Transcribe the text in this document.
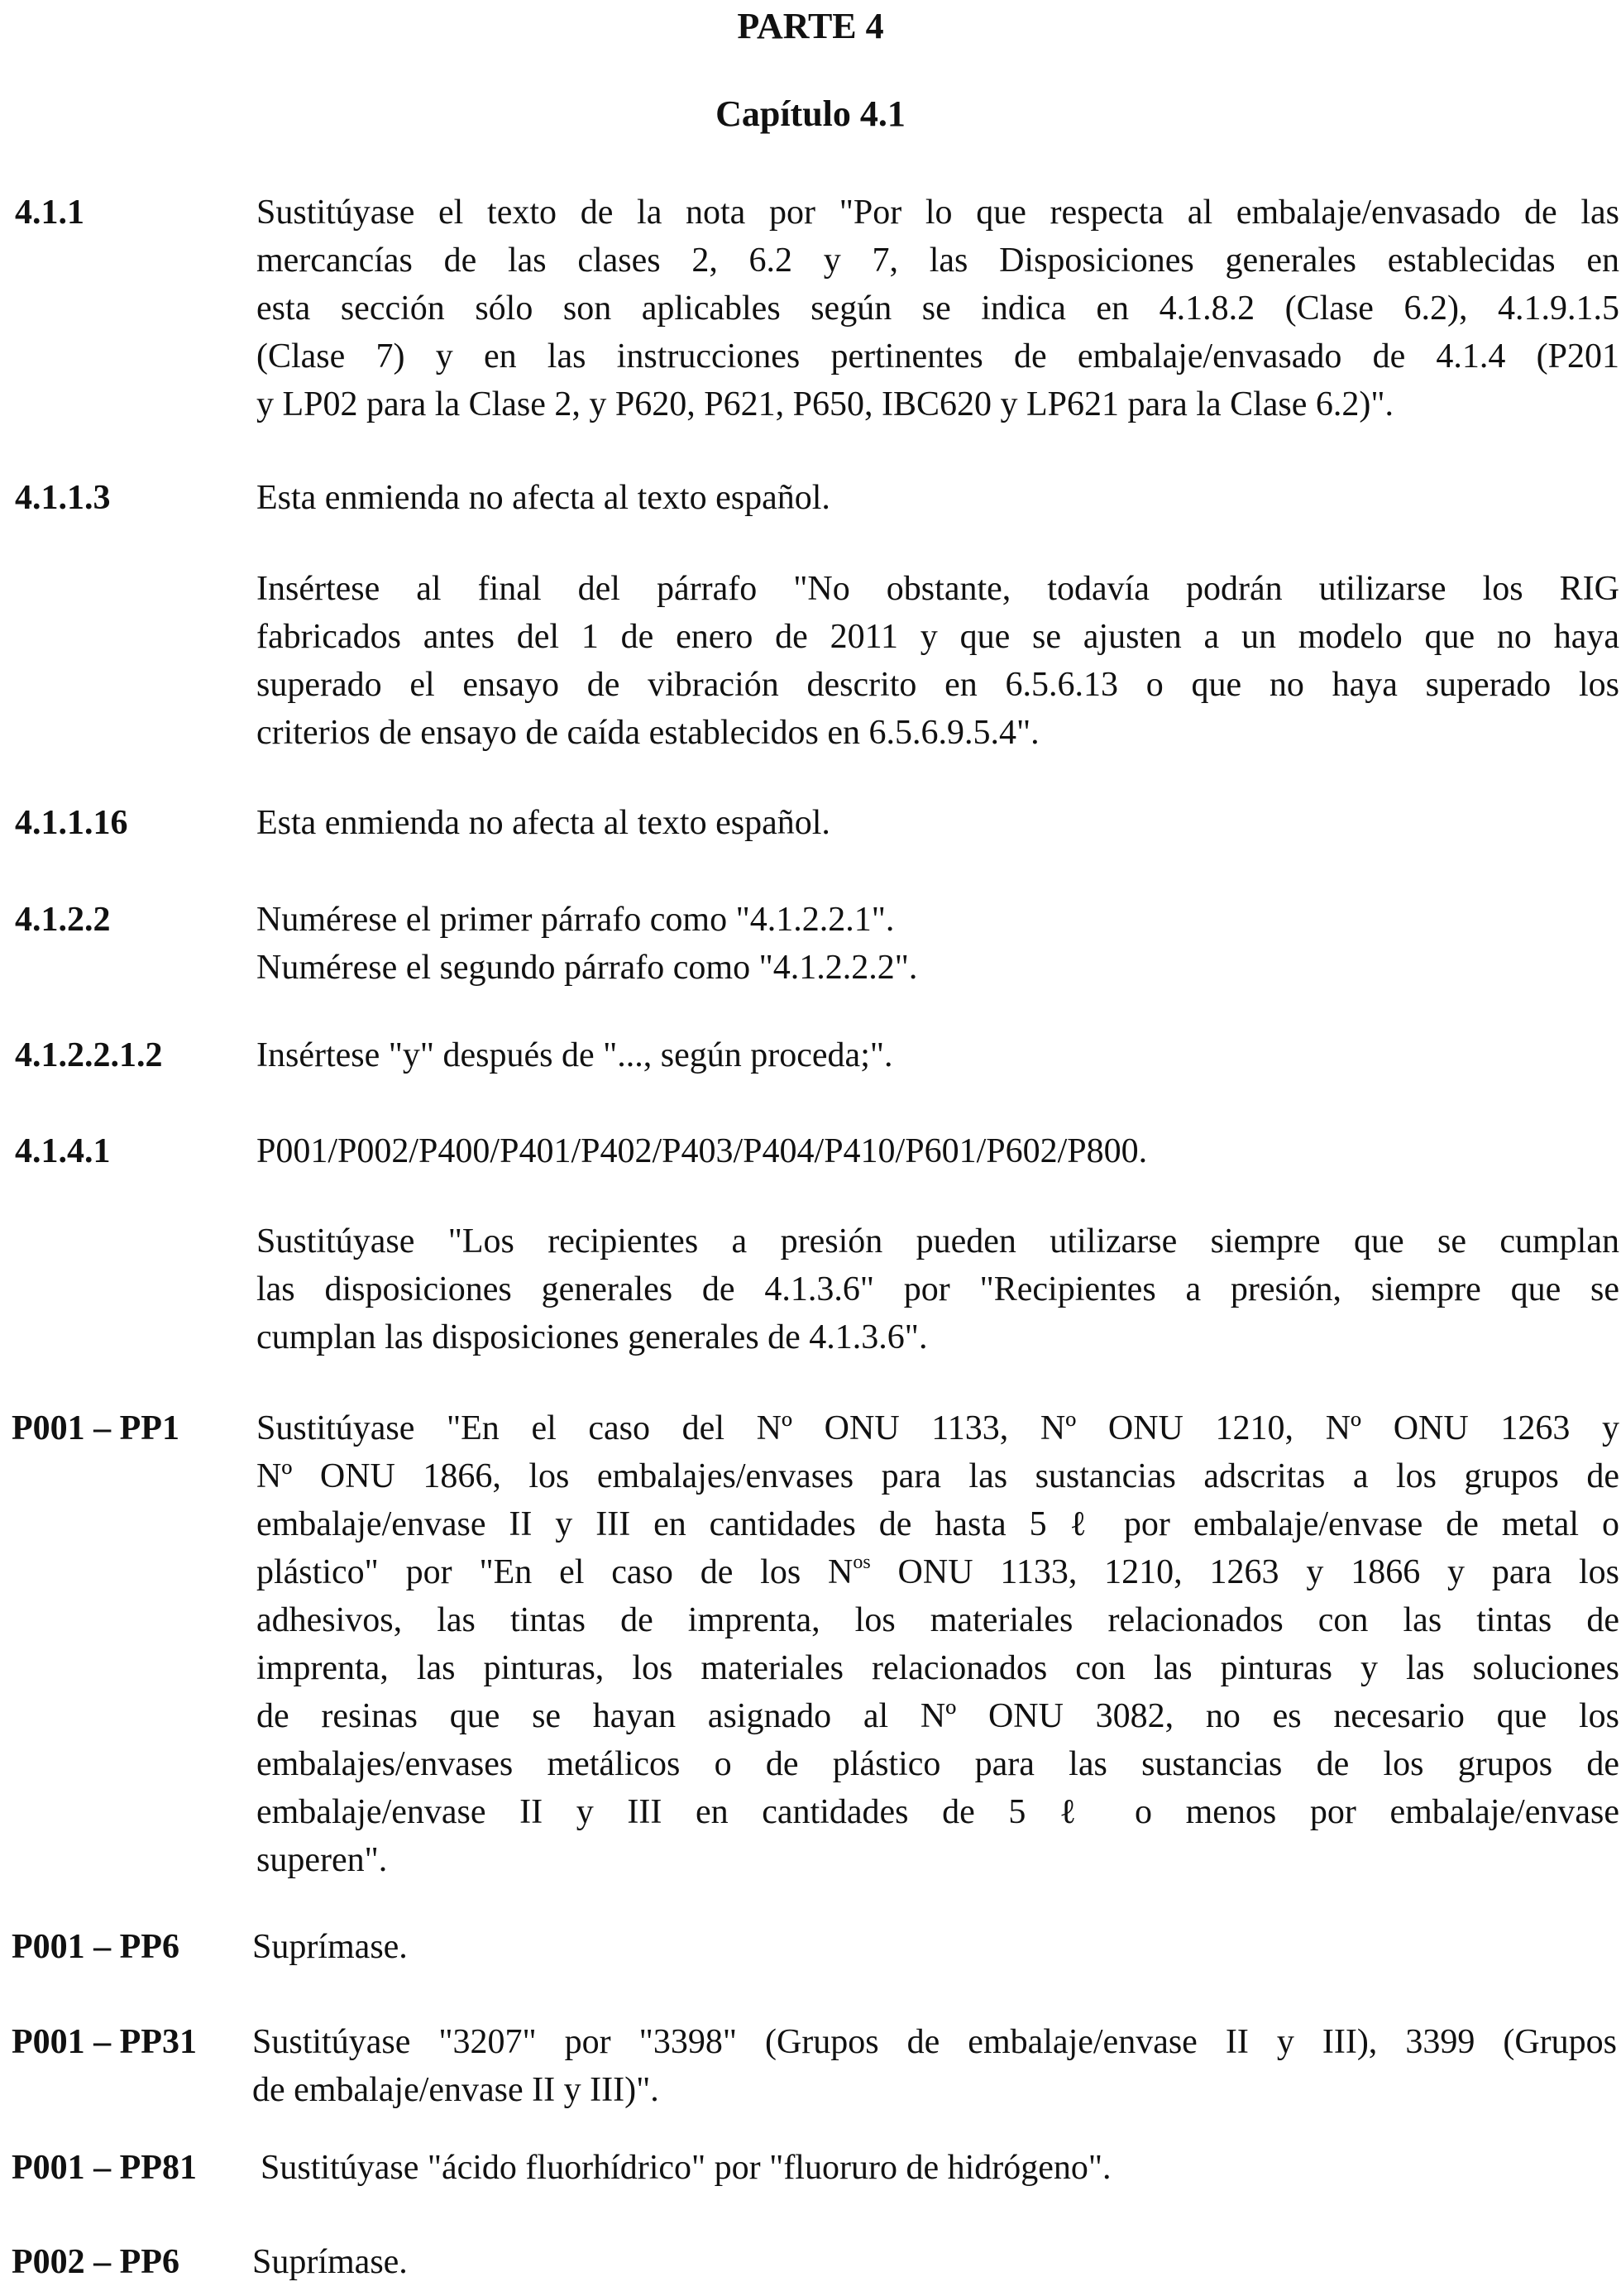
PARTE 4
Capítulo 4.1
4.1.1	Sustitúyase el texto de la nota por "Por lo que respecta al embalaje/envasado de las
mercancías de las clases 2, 6.2 y 7, las Disposiciones generales establecidas en
esta sección sólo son aplicables según se indica en 4.1.8.2 (Clase 6.2), 4.1.9.1.5
(Clase 7) y en las instrucciones pertinentes de embalaje/envasado de 4.1.4 (P201
y LP02 para la Clase 2, y P620, P621, P650, IBC620 y LP621 para la Clase 6.2)".
4.1.1.3	Esta enmienda no afecta al texto español.
Insértese al final del párrafo "No obstante, todavía podrán utilizarse los RIG
fabricados antes del 1 de enero de 2011 y que se ajusten a un modelo que no haya
superado el ensayo de vibración descrito en 6.5.6.13 o que no haya superado los
criterios de ensayo de caída establecidos en 6.5.6.9.5.4".
4.1.1.16	Esta enmienda no afecta al texto español.
4.1.2.2	Numérese el primer párrafo como "4.1.2.2.1".
Numérese el segundo párrafo como "4.1.2.2.2".
4.1.2.2.1.2	Insértese "y" después de "..., según proceda;".
4.1.4.1	P001/P002/P400/P401/P402/P403/P404/P410/P601/P602/P800.
Sustitúyase "Los recipientes a presión pueden utilizarse siempre que se cumplan
las disposiciones generales de 4.1.3.6" por "Recipientes a presión, siempre que se
cumplan las disposiciones generales de 4.1.3.6".
P001 – PP1 Sustitúyase "En el caso del Nº ONU 1133, Nº ONU 1210, Nº ONU 1263 y
Nº ONU 1866, los embalajes/envases para las sustancias adscritas a los grupos de
embalaje/envase II y III en cantidades de hasta 5 ℓ por embalaje/envase de metal o
plástico" por "En el caso de los $N^{os}$ ONU 1133, 1210, 1263 y 1866 y para los
adhesivos, las tintas de imprenta, los materiales relacionados con las tintas de
imprenta, las pinturas, los materiales relacionados con las pinturas y las soluciones
de resinas que se hayan asignado al Nº ONU 3082, no es necesario que los
embalajes/envases metálicos o de plástico para las sustancias de los grupos de
embalaje/envase II y III en cantidades de 5 ℓ o menos por embalaje/envase
superen".
P001 – PP6 Suprímase.
P001 – PP31 Sustitúyase "3207" por "3398" (Grupos de embalaje/envase II y III), 3399 (Grupos
de embalaje/envase II y III)".
P001 – PP81 Sustitúyase "ácido fluorhídrico" por "fluoruro de hidrógeno".
P002 – PP6 Suprímase.
